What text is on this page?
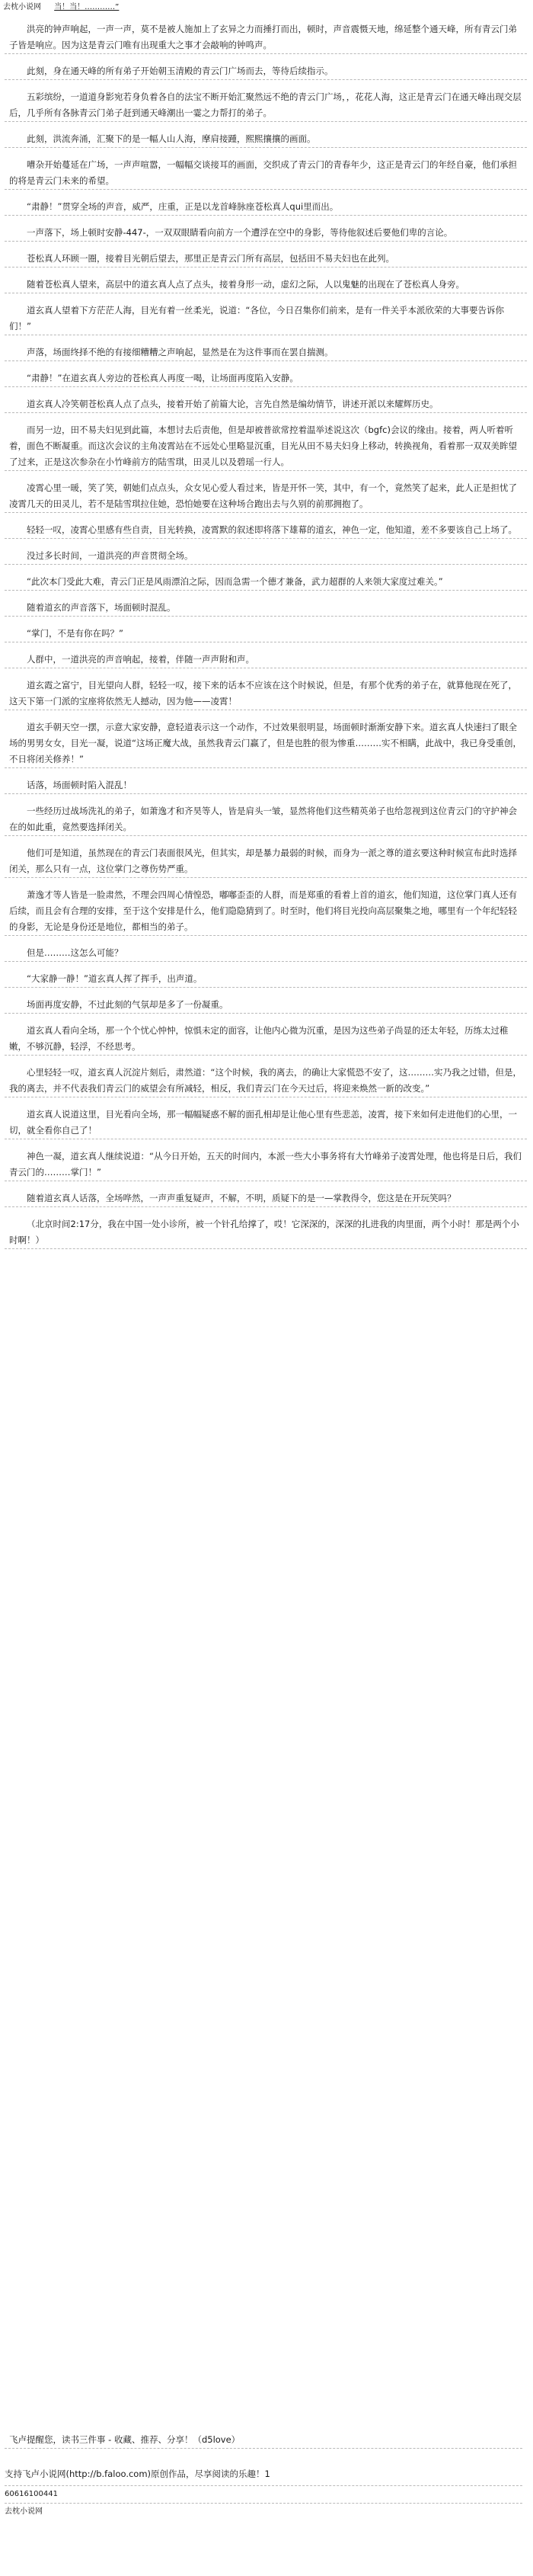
去枕小说网 当！当！…………”
洪亮的钟声响起，一声一声，莫不是被人施加上了玄异之力而捶打而出，顿时，声音震慑天地，绵延整个通天峰，所有青云门弟子皆是响应。因为这是青云门唯有出现重大之事才会敲响的钟鸣声。
此刻，身在通天峰的所有弟子开始朝玉清殿的青云门广场而去，等待后续指示。
五彩缤纷，一道道身影宛若身负着各自的法宝不断开始汇聚然远不绝的青云门广场，，花花人海，这正是青云门在通天峰出现交层后，几乎所有各脉青云门弟子赶到通天峰潮出一霎之力帮打的弟子。
此刻，洪流奔涌，汇聚下的是一幅人山人海，摩肩接踵，熙熙攘攘的画面。
嘈杂开始蔓延在广场，一声声喧嚣，一幅幅交谈接耳的画面，交织成了青云门的青春年少，这正是青云门的年经自豪，他们承担的将是青云门未来的希望。
“肃静！”贯穿全场的声音，威严，庄重，正是以龙首峰脉座苍松真人qui里而出。
一声落下，场上顿时安静-447-，一双双眼睛看向前方一个遭浮在空中的身影，等待他叙述后要他们卑的言论。
苍松真人环顾一圈，接着目光朝后望去，那里正是青云门所有高层，包括田不易夫妇也在此列。
随着苍松真人望来，高层中的道玄真人点了点头，接着身形一动，虚幻之际，人以鬼魅的出现在了苍松真人身旁。
道玄真人望着下方茫茫人海，目光有着一丝柔光，说道：“各位，今日召集你们前来，是有一件关乎本派欣荣的大事要告诉你们！”
声落，场面终择不绝的有接细糟糟之声响起，显然是在为这件事而在罢自揣测。
“肃静！”在道玄真人旁边的苍松真人再度一喝，让场面再度陷入安静。
道玄真人冷笑朝苍松真人点了点头，接着开始了前篇大论，言先自然是编幼情节，讲述开派以来耀辉历史。
而另一边，田不易夫妇见到此篇，本想讨去后责他，但是却被普欲常控着温举述说这次（bgfc)会议的缘由。接着，两人听着听着，面色不断凝重。而这次会议的主角凌霄站在不远处心里略显沉重，目光从田不易夫妇身上移动，转换视角，看着那一双双美眸望了过来，正是这次参杂在小竹峰前方的陆雪琪，田灵儿以及碧瑶一行人。
凌霄心里一暖，笑了笑，朝她们点点头，众女见心爱人看过来，皆是开怀一笑，其中，有一个，竟然笑了起来，此人正是担忧了凌霄几天的田灵儿，若不是陆雪琪拉住她，恐怕她要在这种场合跑出去与久别的前那拥抱了。
轻轻一叹，凌霄心里感有些自责，目光转换，凌霄默的叙述即将落下雄幕的道玄，神色一定，他知道，差不多要该自己上场了。
没过多长时间，一道洪亮的声音贯彻全场。
“此次本门受此大难，青云门正是风雨漂泊之际，因而急需一个德才兼备，武力超群的人来领大家度过难关。”
随着道玄的声音落下，场面顿时混乱。
“掌门，不是有你在吗？”
人群中，一道洪亮的声音响起，接着，伴随一声声附和声。
道玄霞之富宁，目光望向人群，轻轻一叹，接下来的话本不应该在这个时候说，但是，有那个优秀的弟子在，就算他现在死了，这天下第一门派的宝座将依然无人撼动，因为他——凌霄！
道玄手朝天空一摆，示意大家安静，意轻道表示这一个动作，不过效果很明显，场面顿时渐渐安静下来。道玄真人快速扫了眼全场的男男女女，目光一凝，说道“这场正魔大战，虽然我青云门赢了，但是也胜的很为惨重………实不相瞒，此战中，我已身受重创，不日将闭关修养！”
话落，场面顿时陷入混乱！
一些经历过战场洗礼的弟子，如萧逸才和齐昊等人，皆是肩头一皱，显然将他们这些精英弟子也给忽视到这位青云门的守护神会在的如此重，竟然要选择闭关。
他们可是知道，虽然现在的青云门表面很风光，但其实，却是暴力最弱的时候，而身为一派之尊的道玄要这种时候宣布此时选择闭关，那么只有一点，这位掌门之尊伤势严重。
萧逸才等人皆是一脸肃然，不理会四周心情惶恐，嘟嘟歪歪的人群，而是郑重的看着上首的道玄，他们知道，这位掌门真人还有后续，而且会有合理的安排，至于这个安排是什么，他们隐隐猜到了。时至时，他们将目光投向高层聚集之地，哪里有一个年纪轻轻的身影，无论是身份还是地位，都相当的弟子。
但是………这怎么可能？
“大家静一静！”道玄真人挥了挥手，出声道。
场面再度安静，不过此刻的气氛却是多了一份凝重。
道玄真人看向全场，那一个个忧心忡忡，惊惧未定的面容，让他内心微为沉重，是因为这些弟子尚显的还太年轻，历练太过稚嫩，不够沉静，轻浮，不经思考。
心里轻轻一叹，道玄真人沉淀片刻后，肃然道：“这个时候，我的离去，的确让大家慌恐不安了，这………实乃我之过错，但是，我的离去，并不代表我们青云门的威望会有所减轻，相反，我们青云门在今天过后，将迎来焕然一新的改变。”
道玄真人说道这里，目光看向全场，那一幅幅疑惑不解的面孔相却是让他心里有些悲恙，凌霄，接下来如何走进他们的心里，一切，就全看你自己了！
神色一凝，道玄真人继续说道：“从今日开始，五天的时间内，本派一些大小事务将有大竹峰弟子凌霄处理，他也将是日后，我们青云门的………掌门！”
随着道玄真人话落，全场哗然，一声声重复疑声，不解，不明，质疑下的是一—掌教得令，您这是在开玩笑吗？
（北京时间2:17分，我在中国一处小诊所，被一个针孔给撑了，哎！它深深的，深深的扎进我的肉里面，两个小时！那是两个小时啊！）
飞卢提醒您，读书三件事 - 收藏、推荐、分享！（d5love）
支持飞卢小说网(http://b.faloo.com)原创作品，尽享阅读的乐趣！1
60616100441
去枕小说网
